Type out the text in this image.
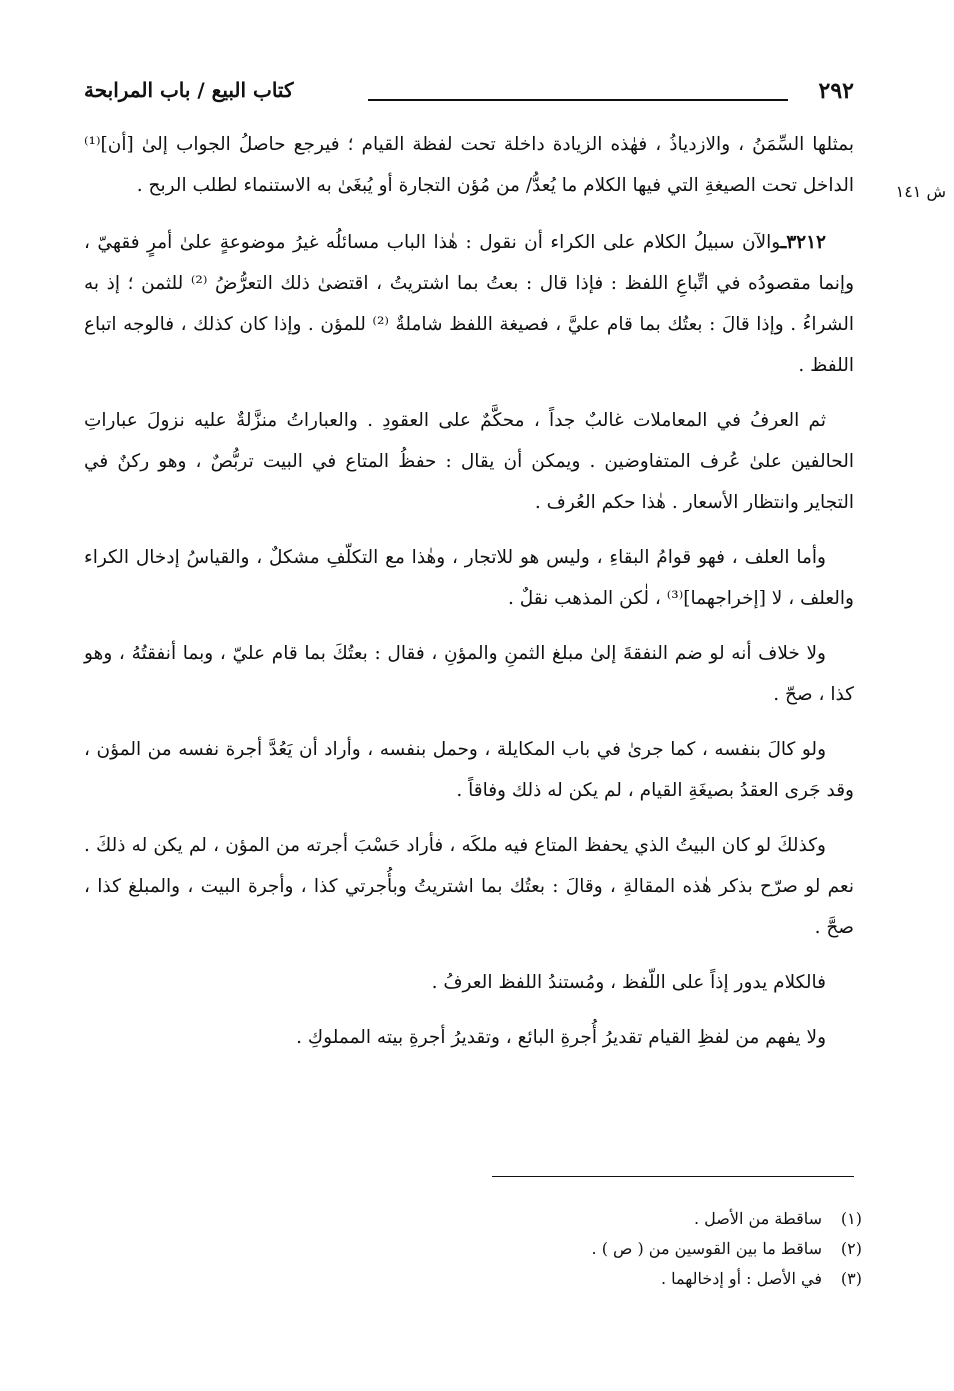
٢٩٢
كتاب البيع / باب المرابحة
ش ١٤١

بمثلها السِّمَنُ ، والازدياذُ ، فهٰذه الزيادة داخلة تحت لفظة القيام ؛ فيرجع حاصلُ الجواب إلىٰ [أن]⁽¹⁾ الداخل تحت الصيغةِ التي فيها الكلام ما يُعدُّ/ من مُؤن التجارة أو يُبغَىٰ به الاستنماء لطلب الربح .

٣٢١٢ـوالآن سبيلُ الكلام على الكراء أن نقول : هٰذا الباب مسائلُه غيرُ موضوعةٍ علىٰ أمرٍ فقهيّ ، وإنما مقصودُه في اتِّباعِ اللفظ : فإذا قال : بعتُ بما اشتريتُ ، اقتضىٰ ذلك التعرُّضُ ⁽²⁾ للثمن ؛ إذ به الشراءُ . وإذا قالَ : بعتُك بما قام عليَّ ، فصيغة اللفظ شاملةٌ ⁽²⁾ للمؤن . وإذا كان كذلك ، فالوجه اتباع اللفظ .

ثم العرفُ في المعاملات غالبٌ جداً ، محكَّمٌ على العقودِ . والعباراتُ منزَّلةٌ عليه نزولَ عباراتِ الحالفين علىٰ عُرف المتفاوضين . ويمكن أن يقال : حفظُ المتاع في البيت تربُّصٌ ، وهو ركنٌ في التجاير وانتظار الأسعار . هٰذا حكم العُرف .

وأما العلف ، فهو قوامُ البقاءِ ، وليس هو للاتجار ، وهٰذا مع التكلّفِ مشكلٌ ، والقياسُ إدخال الكراء والعلف ، لا [إخراجهما]⁽³⁾ ، لٰكن المذهب نقلٌ .

ولا خلاف أنه لو ضم النفقةَ إلىٰ مبلغ الثمنِ والمؤنِ ، فقال : بعتُكَ بما قام عليّ ، وبما أنفقتُهُ ، وهو كذا ، صحّ .

ولو كالَ بنفسه ، كما جرىٰ في باب المكايلة ، وحمل بنفسه ، وأراد أن يَعُدَّ أجرة نفسه من المؤن ، وقد جَرى العقدُ بصيغَةِ القيام ، لم يكن له ذلك وفاقاً .

وكذلكَ لو كان البيتُ الذي يحفظ المتاع فيه ملكَه ، فأراد حَسْبَ أجرته من المؤن ، لم يكن له ذلكَ . نعم لو صرّح بذكر هٰذه المقالةِ ، وقالَ : بعتُك بما اشتريتُ وبأُجرتي كذا ، وأجرة البيت ، والمبلغ كذا ، صحَّ .

فالكلام يدور إذاً على اللّفظ ، ومُستندُ اللفظ العرفُ .

ولا يفهم من لفظِ القيام تقديرُ أُجرةِ البائع ، وتقديرُ أجرةِ بيته المملوكِ .

(١)ساقطة من الأصل .
(٢)ساقط ما بين القوسين من ( ص ) .
(٣)في الأصل : أو إدخالهما .
